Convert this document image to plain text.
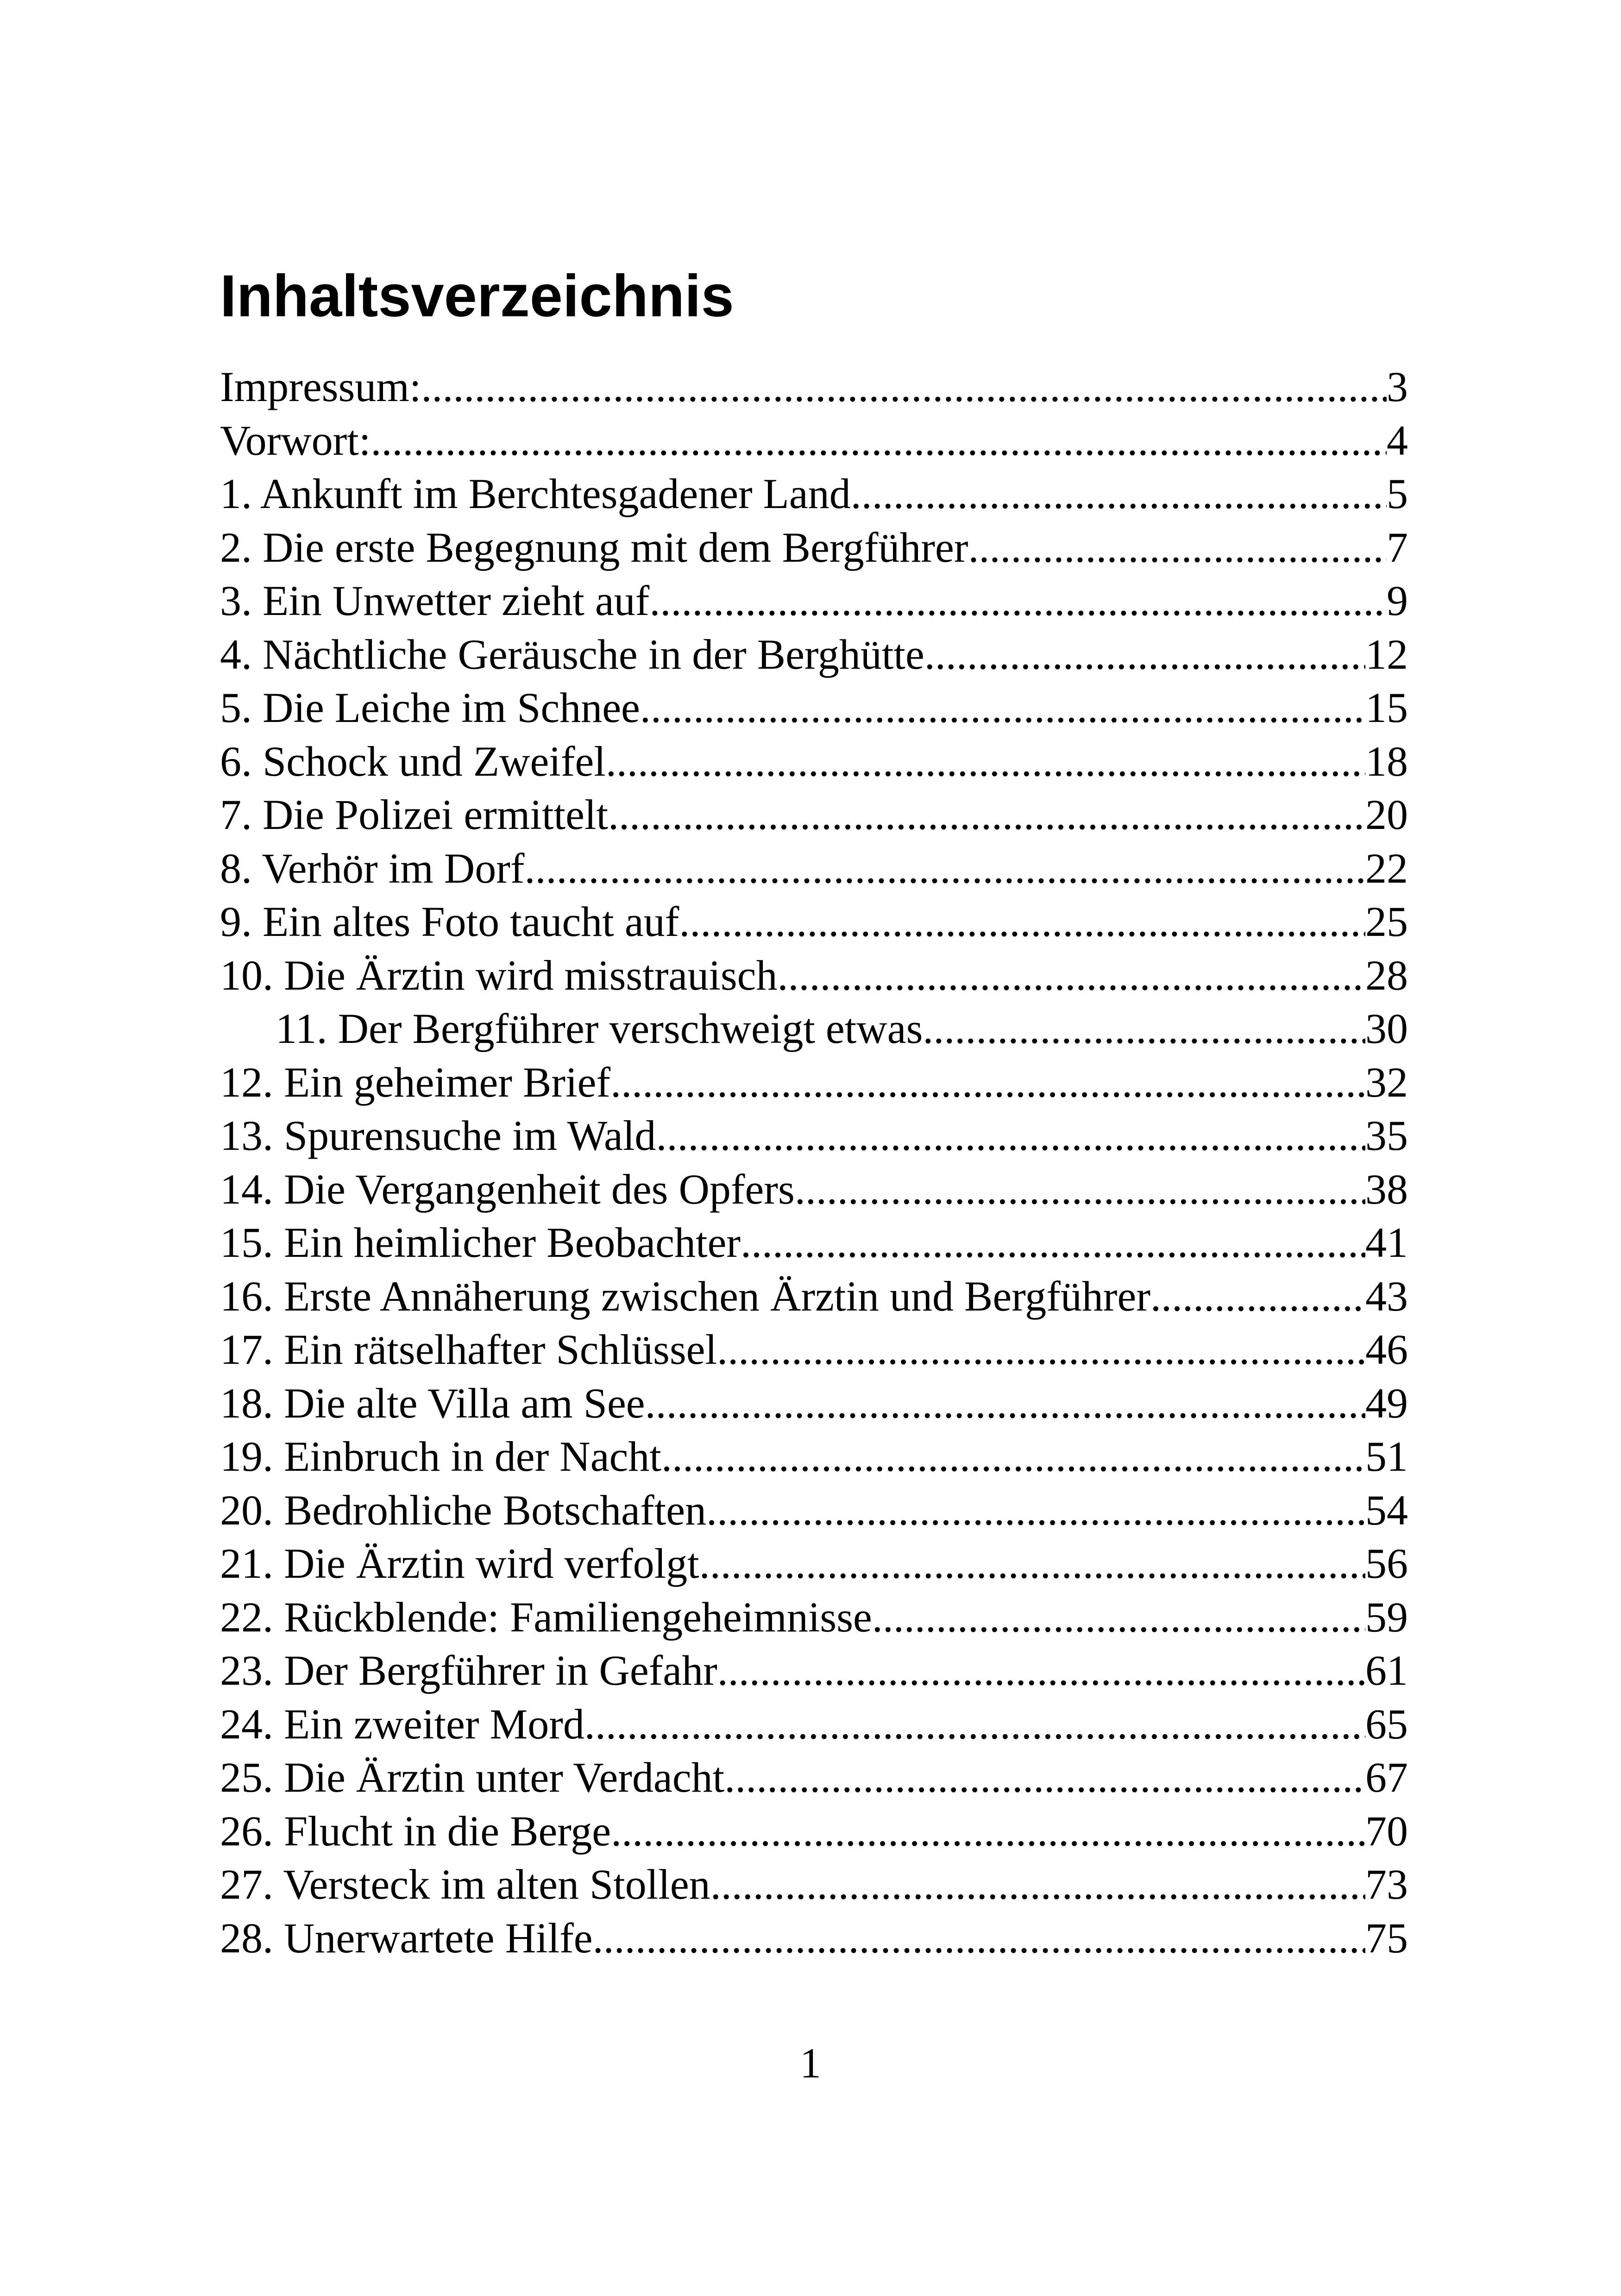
Inhaltsverzeichnis
Impressum: .....	3
Vorwort: .....	4
1. Ankunft im Berchtesgadener Land .....	5
2. Die erste Begegnung mit dem Bergführer .....	7
3. Ein Unwetter zieht auf .....	9
4. Nächtliche Geräusche in der Berghütte .....	12
5. Die Leiche im Schnee .....	15
6. Schock und Zweifel .....	18
7. Die Polizei ermittelt .....	20
8. Verhör im Dorf .....	22
9. Ein altes Foto taucht auf .....	25
10. Die Ärztin wird misstrauisch .....	28
11. Der Bergführer verschweigt etwas .....	30
12. Ein geheimer Brief .....	32
13. Spurensuche im Wald .....	35
14. Die Vergangenheit des Opfers .....	38
15. Ein heimlicher Beobachter .....	41
16. Erste Annäherung zwischen Ärztin und Bergführer .....	43
17. Ein rätselhafter Schlüssel .....	46
18. Die alte Villa am See .....	49
19. Einbruch in der Nacht .....	51
20. Bedrohliche Botschaften .....	54
21. Die Ärztin wird verfolgt .....	56
22. Rückblende: Familiengeheimnisse .....	59
23. Der Bergführer in Gefahr .....	61
24. Ein zweiter Mord .....	65
25. Die Ärztin unter Verdacht .....	67
26. Flucht in die Berge .....	70
27. Versteck im alten Stollen .....	73
28. Unerwartete Hilfe .....	75
1
